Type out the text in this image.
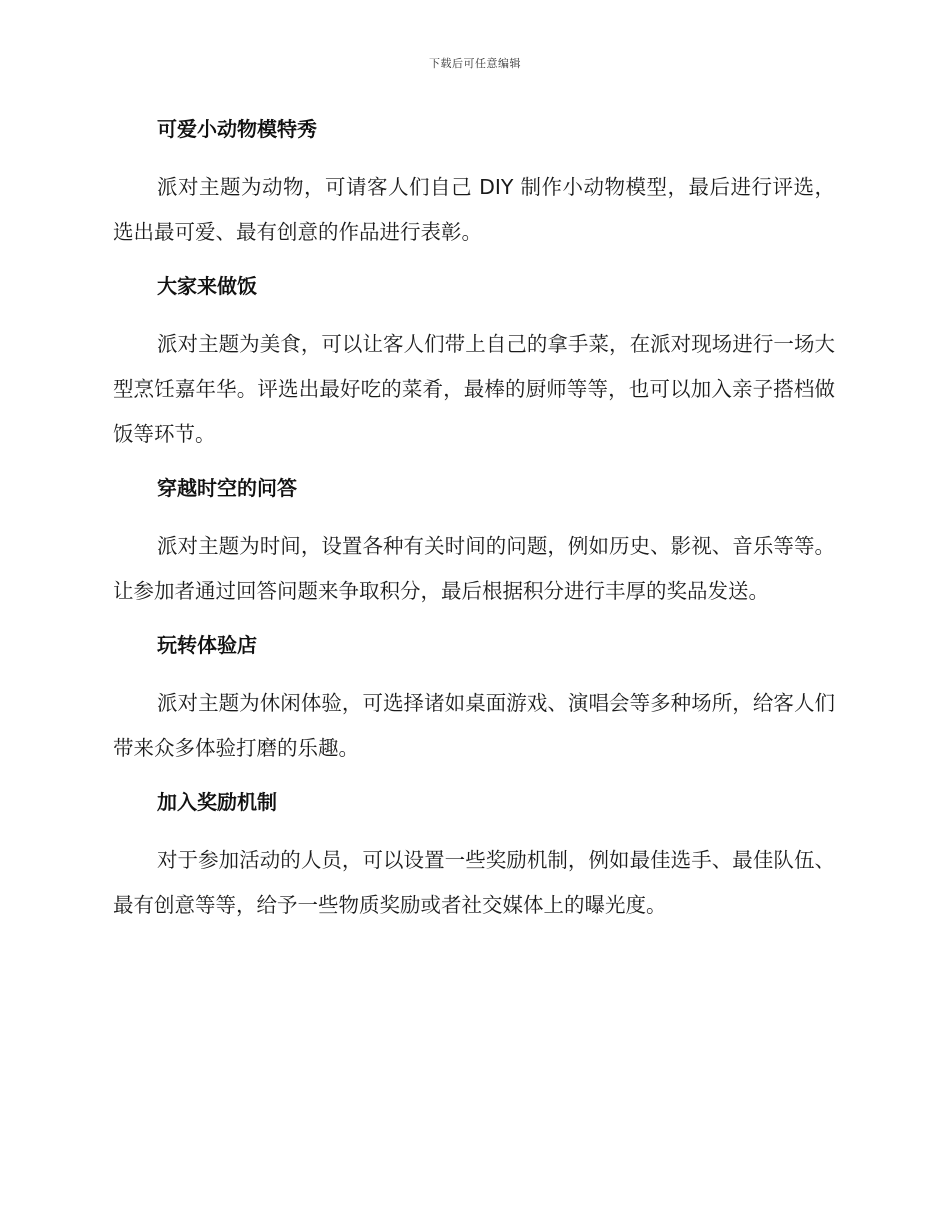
下载后可任意编辑
可爱小动物模特秀

派对主题为动物，可请客人们自己 DIY 制作小动物模型，最后进行评选，选出最可爱、最有创意的作品进行表彰。

大家来做饭

派对主题为美食，可以让客人们带上自己的拿手菜，在派对现场进行一场大型烹饪嘉年华。评选出最好吃的菜肴，最棒的厨师等等，也可以加入亲子搭档做饭等环节。

穿越时空的问答

派对主题为时间，设置各种有关时间的问题，例如历史、影视、音乐等等。让参加者通过回答问题来争取积分，最后根据积分进行丰厚的奖品发送。

玩转体验店

派对主题为休闲体验，可选择诸如桌面游戏、演唱会等多种场所，给客人们带来众多体验打磨的乐趣。

加入奖励机制

对于参加活动的人员，可以设置一些奖励机制，例如最佳选手、最佳队伍、最有创意等等，给予一些物质奖励或者社交媒体上的曝光度。
